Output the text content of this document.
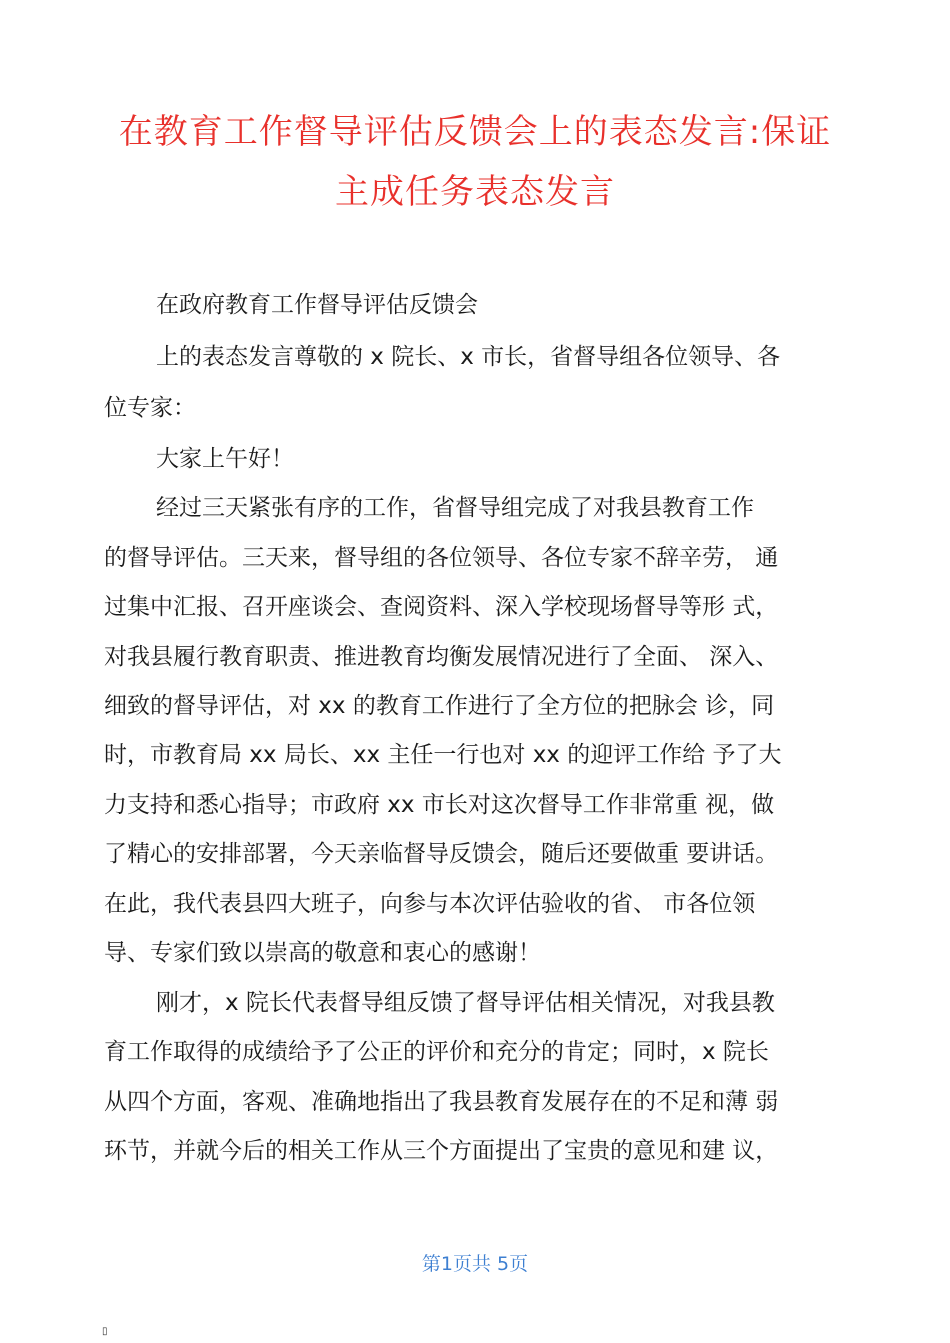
在教育工作督导评估反馈会上的表态发言:保证
主成任务表态发言
在政府教育工作督导评估反馈会
上的表态发言尊敬的 x 院长、x 市长，省督导组各位领导、各
位专家：
大家上午好！
经过三天紧张有序的工作，省督导组完成了对我县教育工作
的督导评估。三天来，督导组的各位领导、各位专家不辞辛劳， 通
过集中汇报、召开座谈会、查阅资料、深入学校现场督导等形 式，
对我县履行教育职责、推进教育均衡发展情况进行了全面、 深入、
细致的督导评估，对 xx 的教育工作进行了全方位的把脉会 诊，同
时，市教育局 xx 局长、xx 主任一行也对 xx 的迎评工作给 予了大
力支持和悉心指导；市政府 xx 市长对这次督导工作非常重 视，做
了精心的安排部署，今天亲临督导反馈会，随后还要做重 要讲话。
在此，我代表县四大班子，向参与本次评估验收的省、 市各位领
导、专家们致以崇高的敬意和衷心的感谢！
刚才，x 院长代表督导组反馈了督导评估相关情况，对我县教
育工作取得的成绩给予了公正的评价和充分的肯定；同时，x 院长
从四个方面，客观、准确地指出了我县教育发展存在的不足和薄 弱
环节，并就今后的相关工作从三个方面提出了宝贵的意见和建 议，
第1页共 5页
▯
